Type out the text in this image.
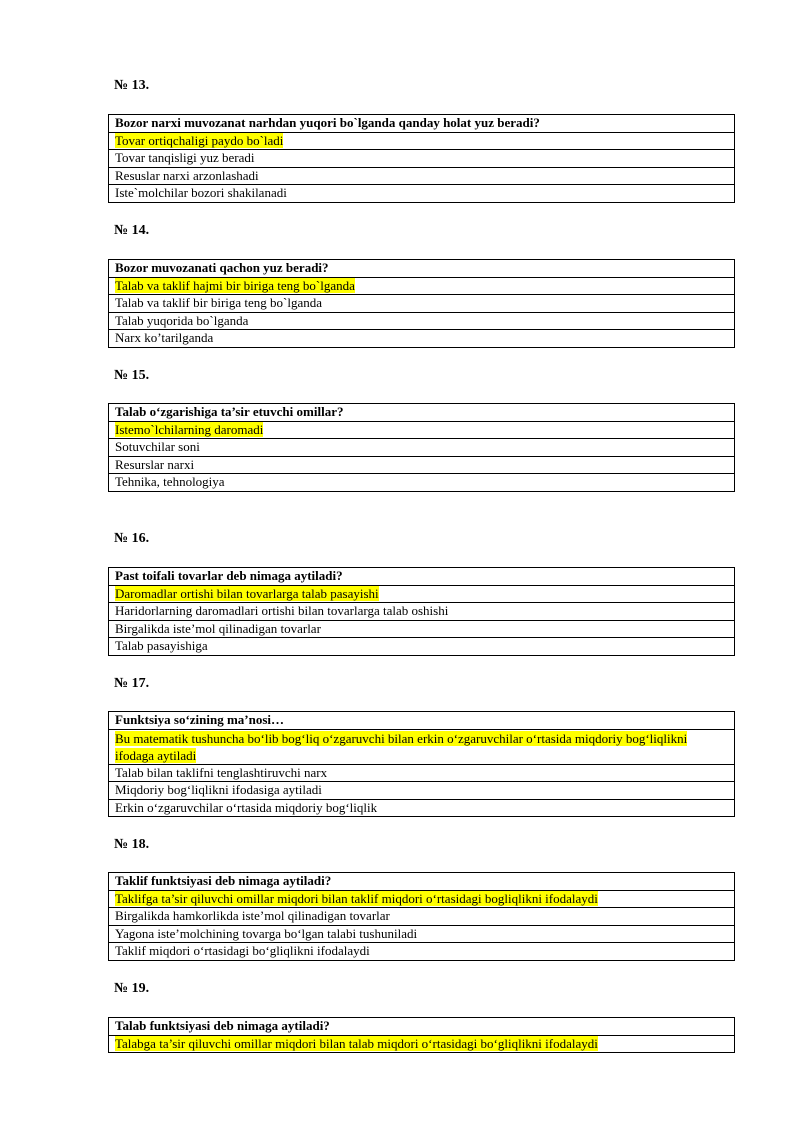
№ 13.
Bozor narxi muvozanat narhdan yuqori bo`lganda qanday holat yuz beradi?
Tovar ortiqchaligi paydo bo`ladi
Tovar tanqisligi yuz beradi
Resuslar narxi arzonlashadi
Iste`molchilar bozori shakilanadi
№ 14.
Bozor muvozanati qachon yuz beradi?
Talab va taklif hajmi bir biriga teng bo`lganda
Talab va taklif bir biriga teng bo`lganda
Talab yuqorida bo`lganda
Narx ko’tarilganda
№ 15.
Talab o‘zgarishiga ta’sir etuvchi omillar?
Istemo`lchilarning daromadi
Sotuvchilar soni
Resurslar narxi
Tehnika, tehnologiya
№ 16.
Past toifali tovarlar deb nimaga aytiladi?
Daromadlar ortishi bilan tovarlarga talab pasayishi
Haridorlarning daromadlari ortishi bilan tovarlarga talab oshishi
Birgalikda iste’mol qilinadigan tovarlar
Talab pasayishiga
№ 17.
Funktsiya so‘zining ma’nosi…
Bu matematik tushuncha bo‘lib bog‘liq o‘zgaruvchi bilan erkin o‘zgaruvchilar o‘rtasida miqdoriy bog‘liqlikni ifodaga aytiladi
Talab bilan taklifni tenglashtiruvchi narx
Miqdoriy bog‘liqlikni ifodasiga aytiladi
Erkin o‘zgaruvchilar o‘rtasida miqdoriy bog‘liqlik
№ 18.
Taklif funktsiyasi deb nimaga aytiladi?
Taklifga ta’sir qiluvchi omillar miqdori bilan taklif miqdori o‘rtasidagi bogliqlikni ifodalaydi
Birgalikda hamkorlikda iste’mol qilinadigan tovarlar
Yagona iste’molchining tovarga bo‘lgan talabi tushuniladi
Taklif miqdori o‘rtasidagi bo‘gliqlikni ifodalaydi
№ 19.
Talab funktsiyasi deb nimaga aytiladi?
Talabga ta’sir qiluvchi omillar miqdori bilan talab miqdori o‘rtasidagi bo‘gliqlikni ifodalaydi
